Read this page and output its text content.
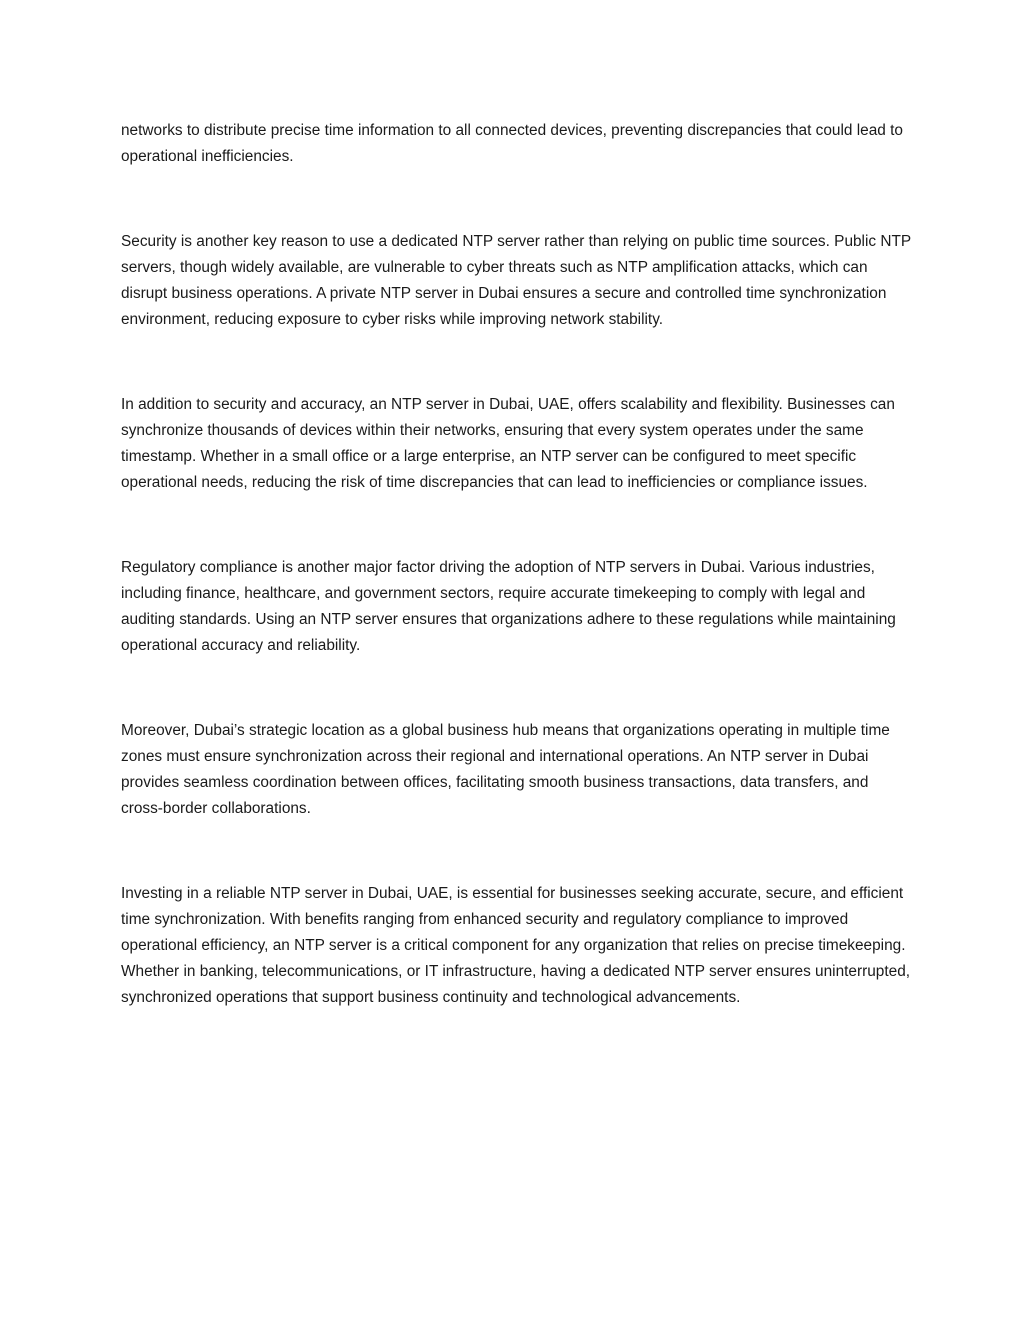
networks to distribute precise time information to all connected devices, preventing discrepancies that could lead to operational inefficiencies.

Security is another key reason to use a dedicated NTP server rather than relying on public time sources. Public NTP servers, though widely available, are vulnerable to cyber threats such as NTP amplification attacks, which can disrupt business operations. A private NTP server in Dubai ensures a secure and controlled time synchronization environment, reducing exposure to cyber risks while improving network stability.

In addition to security and accuracy, an NTP server in Dubai, UAE, offers scalability and flexibility. Businesses can synchronize thousands of devices within their networks, ensuring that every system operates under the same timestamp. Whether in a small office or a large enterprise, an NTP server can be configured to meet specific operational needs, reducing the risk of time discrepancies that can lead to inefficiencies or compliance issues.

Regulatory compliance is another major factor driving the adoption of NTP servers in Dubai. Various industries, including finance, healthcare, and government sectors, require accurate timekeeping to comply with legal and auditing standards. Using an NTP server ensures that organizations adhere to these regulations while maintaining operational accuracy and reliability.

Moreover, Dubai’s strategic location as a global business hub means that organizations operating in multiple time zones must ensure synchronization across their regional and international operations. An NTP server in Dubai provides seamless coordination between offices, facilitating smooth business transactions, data transfers, and cross-border collaborations.

Investing in a reliable NTP server in Dubai, UAE, is essential for businesses seeking accurate, secure, and efficient time synchronization. With benefits ranging from enhanced security and regulatory compliance to improved operational efficiency, an NTP server is a critical component for any organization that relies on precise timekeeping. Whether in banking, telecommunications, or IT infrastructure, having a dedicated NTP server ensures uninterrupted, synchronized operations that support business continuity and technological advancements.
